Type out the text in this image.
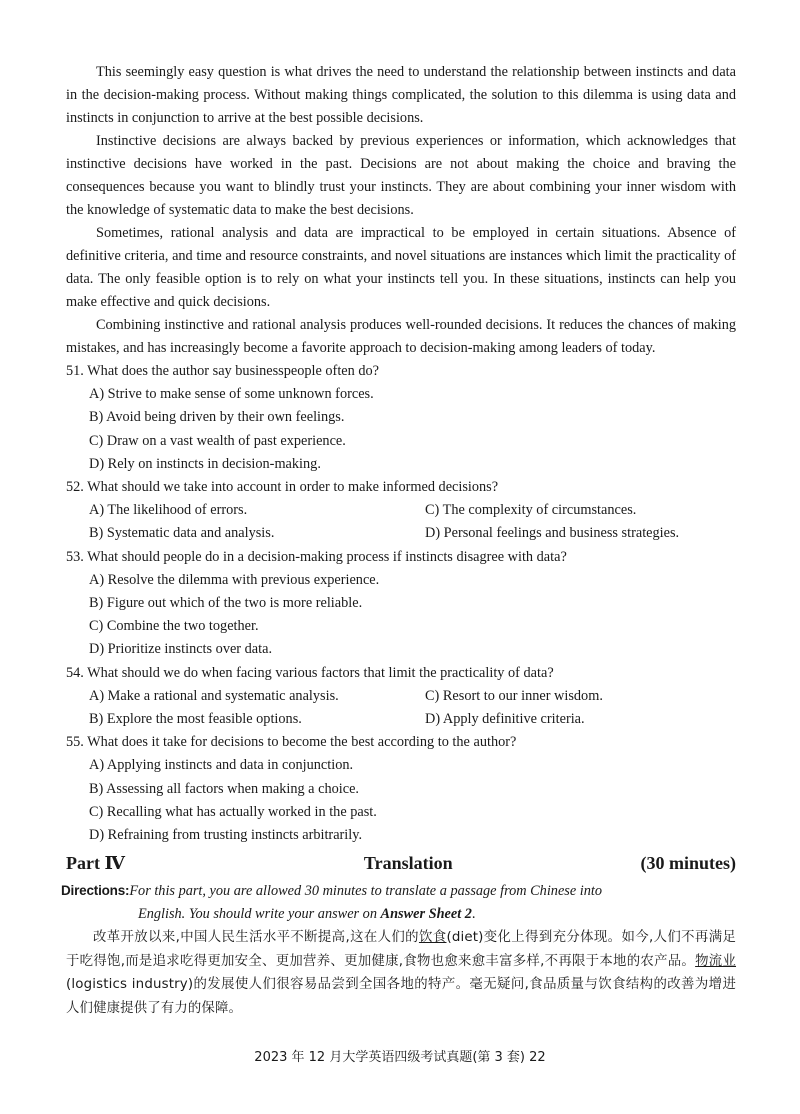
This seemingly easy question is what drives the need to understand the relationship between instincts and data in the decision-making process. Without making things complicated, the solution to this dilemma is using data and instincts in conjunction to arrive at the best possible decisions.

Instinctive decisions are always backed by previous experiences or information, which acknowledges that instinctive decisions have worked in the past. Decisions are not about making the choice and braving the consequences because you want to blindly trust your instincts. They are about combining your inner wisdom with the knowledge of systematic data to make the best decisions.

Sometimes, rational analysis and data are impractical to be employed in certain situations. Absence of definitive criteria, and time and resource constraints, and novel situations are instances which limit the practicality of data. The only feasible option is to rely on what your instincts tell you. In these situations, instincts can help you make effective and quick decisions.

Combining instinctive and rational analysis produces well-rounded decisions. It reduces the chances of making mistakes, and has increasingly become a favorite approach to decision-making among leaders of today.

51. What does the author say businesspeople often do?

A) Strive to make sense of some unknown forces.

B) Avoid being driven by their own feelings.

C) Draw on a vast wealth of past experience.

D) Rely on instincts in decision-making.

52. What should we take into account in order to make informed decisions?

A) The likelihood of errors.	C) The complexity of circumstances.

B) Systematic data and analysis.	D) Personal feelings and business strategies.

53. What should people do in a decision-making process if instincts disagree with data?

A) Resolve the dilemma with previous experience.

B) Figure out which of the two is more reliable.

C) Combine the two together.

D) Prioritize instincts over data.

54. What should we do when facing various factors that limit the practicality of data?

A) Make a rational and systematic analysis.	C) Resort to our inner wisdom.

B) Explore the most feasible options.	D) Apply definitive criteria.

55. What does it take for decisions to become the best according to the author?

A) Applying instincts and data in conjunction.

B) Assessing all factors when making a choice.

C) Recalling what has actually worked in the past.

D) Refraining from trusting instincts arbitrarily.

Part Ⅳ	Translation	(30 minutes)

Directions:For this part, you are allowed 30 minutes to translate a passage from Chinese into
English. You should write your answer on Answer Sheet 2.

改革开放以来,中国人民生活水平不断提高,这在人们的饮食(diet)变化上得到充分体现。如今,人们不再满足于吃得饱,而是追求吃得更加安全、更加营养、更加健康,食物也愈来愈丰富多样,不再限于本地的农产品。物流业(logistics industry)的发展使人们很容易品尝到全国各地的特产。毫无疑问,食品质量与饮食结构的改善为增进人们健康提供了有力的保障。

2023 年 12 月大学英语四级考试真题(第 3 套) 22
